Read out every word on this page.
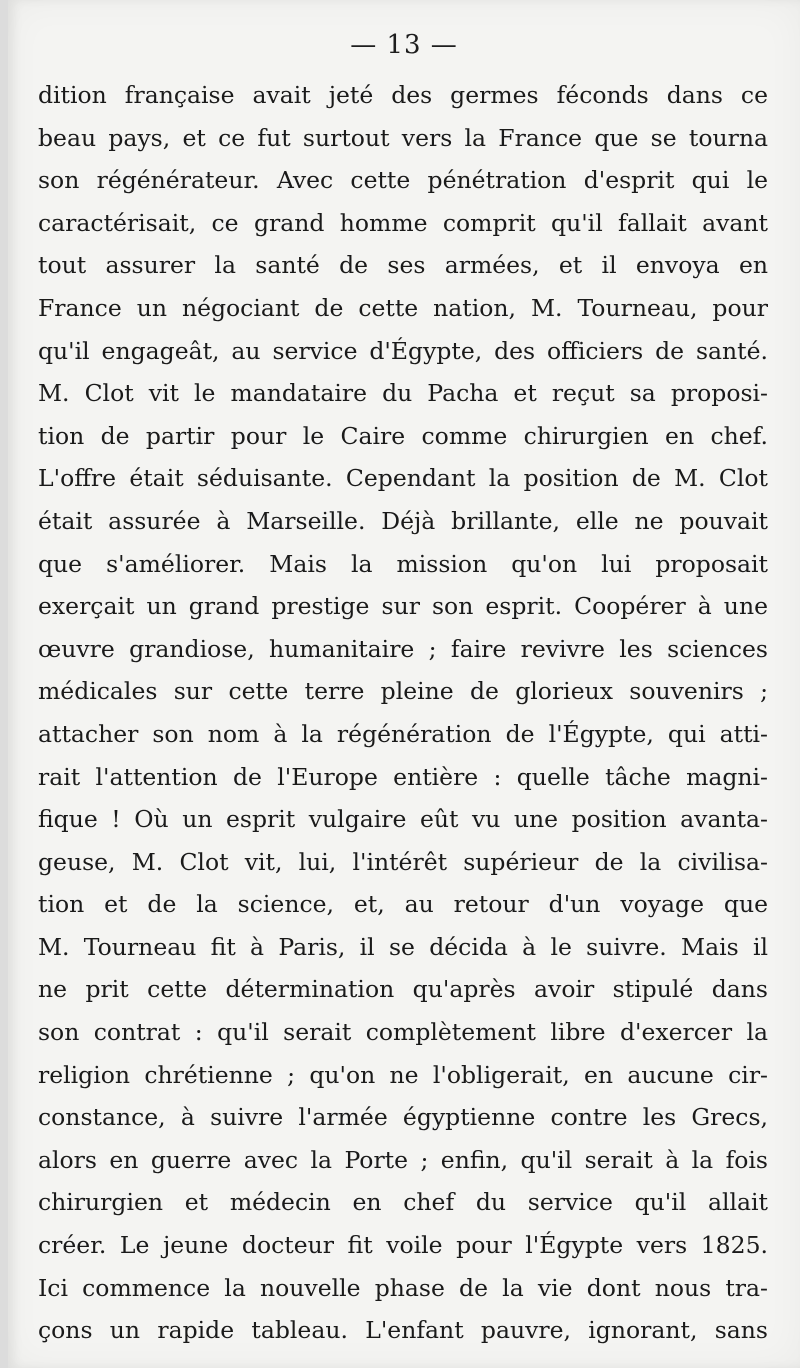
— 13 —
dition française avait jeté des germes féconds dans ce
beau pays, et ce fut surtout vers la France que se tourna
son régénérateur. Avec cette pénétration d'esprit qui le
caractérisait, ce grand homme comprit qu'il fallait avant
tout assurer la santé de ses armées, et il envoya en
France un négociant de cette nation, M. Tourneau, pour
qu'il engageât, au service d'Égypte, des officiers de santé.
M. Clot vit le mandataire du Pacha et reçut sa proposi-
tion de partir pour le Caire comme chirurgien en chef.
L'offre était séduisante. Cependant la position de M. Clot
était assurée à Marseille. Déjà brillante, elle ne pouvait
que s'améliorer. Mais la mission qu'on lui proposait
exerçait un grand prestige sur son esprit. Coopérer à une
œuvre grandiose, humanitaire ; faire revivre les sciences
médicales sur cette terre pleine de glorieux souvenirs ;
attacher son nom à la régénération de l'Égypte, qui atti-
rait l'attention de l'Europe entière : quelle tâche magni-
fique ! Où un esprit vulgaire eût vu une position avanta-
geuse, M. Clot vit, lui, l'intérêt supérieur de la civilisa-
tion et de la science, et, au retour d'un voyage que
M. Tourneau fit à Paris, il se décida à le suivre. Mais il
ne prit cette détermination qu'après avoir stipulé dans
son contrat : qu'il serait complètement libre d'exercer la
religion chrétienne ; qu'on ne l'obligerait, en aucune cir-
constance, à suivre l'armée égyptienne contre les Grecs,
alors en guerre avec la Porte ; enfin, qu'il serait à la fois
chirurgien et médecin en chef du service qu'il allait
créer. Le jeune docteur fit voile pour l'Égypte vers 1825.
Ici commence la nouvelle phase de la vie dont nous tra-
çons un rapide tableau. L'enfant pauvre, ignorant, sans
